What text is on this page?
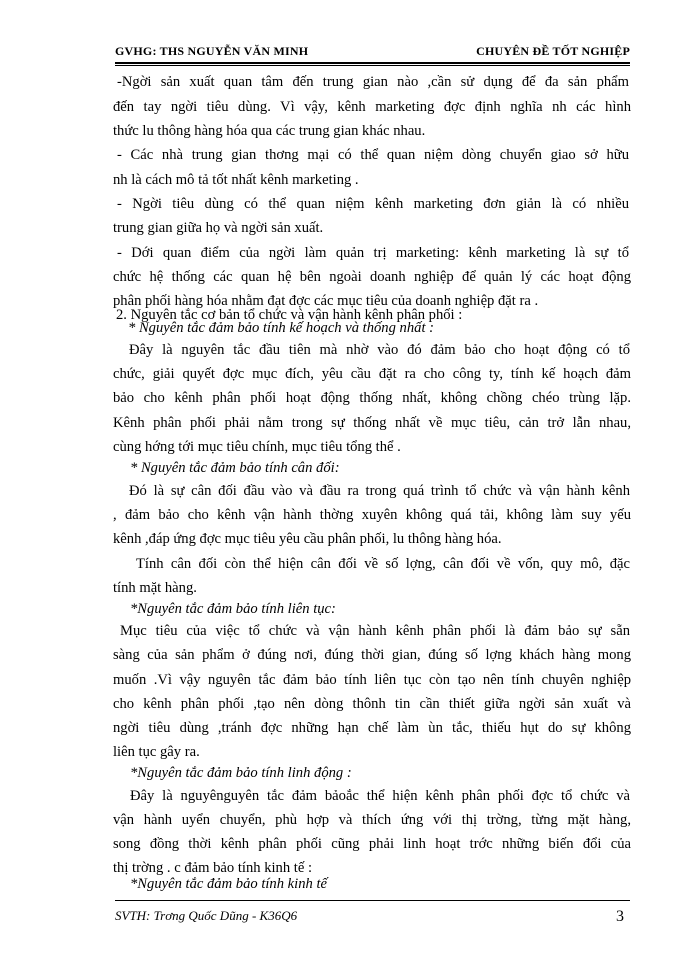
GVHG: THS NGUYỄN VĂN MINH	CHUYÊN ĐỀ TỐT NGHIỆP
-Ngời sản xuất quan tâm đến trung gian nào ,cần sử dụng để đa sản phẩm
đến tay ngời tiêu dùng. Vì vậy, kênh marketing đợc định nghĩa nh các hình
thức lu thông hàng hóa qua các trung gian khác nhau.
- Các nhà trung gian thơng mại có thể quan niệm dòng chuyển giao sở hữu
nh là cách mô tả tốt nhất kênh marketing .
- Ngời tiêu dùng có thể quan niệm kênh marketing đơn giản là có nhiều
trung gian giữa họ và ngời sản xuất.
- Dới quan điểm của ngời làm quản trị marketing: kênh marketing là sự tổ
chức hệ thống các quan hệ bên ngoài doanh nghiệp để quản lý các hoạt động
phân phối hàng hóa nhằm đạt đợc các mục tiêu của doanh nghiệp đặt ra .
2. Nguyên tắc cơ bản tổ chức và vận hành kênh phân phối :
* Nguyên tắc đảm bảo tính kế hoạch và thống nhất :
Đây là nguyên tắc đầu tiên mà nhờ vào đó đảm bảo cho hoạt động có tổ
chức, giải quyết đợc mục đích, yêu cầu đặt ra cho công ty, tính kế hoạch đảm
bảo cho kênh phân phối hoạt động thống nhất, không chồng chéo trùng lặp.
Kênh phân phối phải nằm trong sự thống nhất về mục tiêu, cản trở lẫn nhau,
cùng hớng tới mục tiêu chính, mục tiêu tổng thể .
* Nguyên tắc đảm bảo tính cân đối:
Đó là sự cân đối đầu vào và đầu ra trong quá trình tổ chức và vận hành kênh
, đảm bảo cho kênh vận hành thờng xuyên không quá tải, không làm suy yếu
kênh ,đáp ứng đợc mục tiêu yêu cầu phân phối, lu thông hàng hóa.
Tính cân đối còn thể hiện cân đối về số lợng, cân đối về vốn, quy mô, đặc
tính mặt hàng.
*Nguyên tắc đảm bảo tính liên tục:
Mục tiêu của việc tổ chức và vận hành kênh phân phối là đảm bảo sự sẵn
sàng của sản phẩm ở đúng nơi, đúng thời gian, đúng số lợng khách hàng mong
muốn .Vì vậy nguyên tắc đảm bảo tính liên tục còn tạo nên tính chuyên nghiệp
cho kênh phân phối ,tạo nên dòng thônh tin cần thiết giữa ngời sản xuất và
ngời tiêu dùng ,tránh đợc những hạn chế làm ùn tắc, thiếu hụt do sự không
liên tục gây ra.
*Nguyên tắc đảm bảo tính linh động :
Đây là nguyênguyên tắc đảm bảoắc thể hiện kênh phân phối đợc tổ chức và
vận hành uyển chuyển, phù hợp và thích ứng với thị trờng, từng mặt hàng,
song đồng thời kênh phân phối cũng phải linh hoạt trớc những biến đổi của
thị trờng . c đảm bảo tính kinh tế :
*Nguyên tắc đảm bảo tính kinh tế
SVTH: Trơng Quốc Dũng - K36Q6	3
